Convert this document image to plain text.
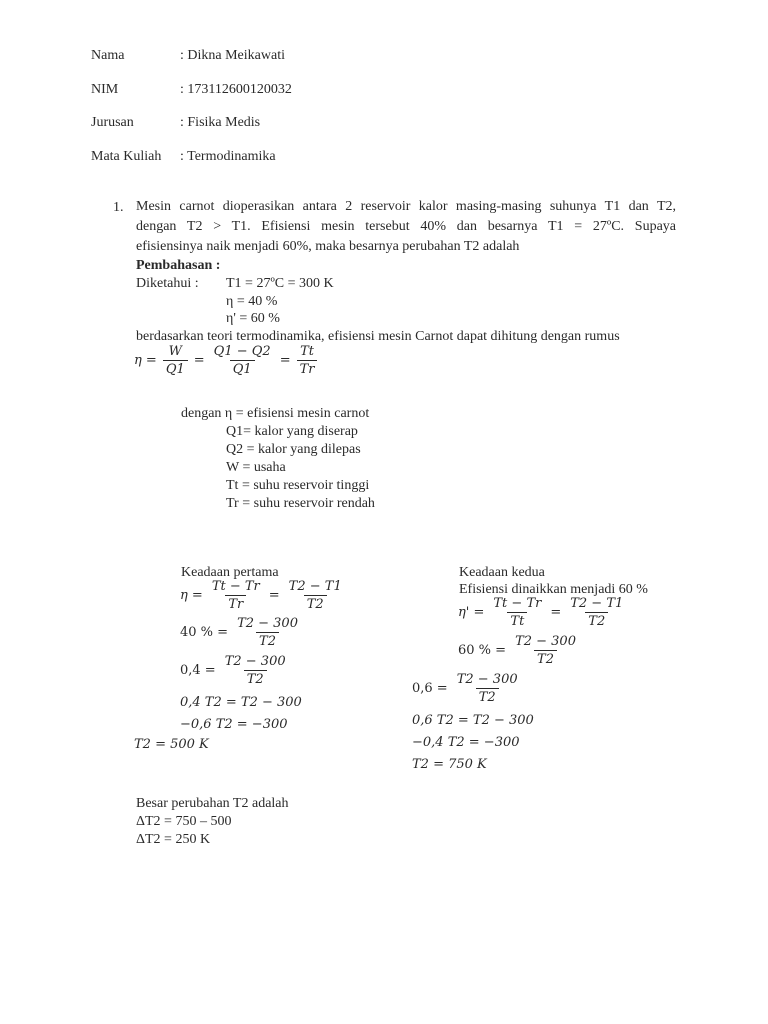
Nama	: Dikna Meikawati
NIM	: 173112600120032
Jurusan	: Fisika Medis
Mata Kuliah : Termodinamika
1. Mesin carnot dioperasikan antara 2 reservoir kalor masing-masing suhunya T1 dan T2,
dengan T2 > T1. Efisiensi mesin tersebut 40% dan besarnya T1 = 27ºC. Supaya
efisiensinya naik menjadi 60%, maka besarnya perubahan T2 adalah
Pembahasan :
Diketahui : T1 = 27ºC = 300 K
η = 40 %
η' = 60 %
berdasarkan teori termodinamika, efisiensi mesin Carnot dapat dihitung dengan rumus
$\eta = \frac{W}{Q1} = \frac{Q1 - Q2}{Q1} = \frac{Tt}{Tr}$
dengan η = efisiensi mesin carnot
Q1= kalor yang diserap
Q2 = kalor yang dilepas
W = usaha
Tt = suhu reservoir tinggi
Tr = suhu reservoir rendah
Keadaan pertama
$\eta = \frac{Tt - Tr}{Tr} = \frac{T2 - T1}{T2}$
40 % = $\frac{T2 - 300}{T2}$
$0,4 = \frac{T2 - 300}{T2}$
0,4 T2 = T2 − 300
−0,6 T2 = −300
T2 = 500 K
Keadaan kedua
Efisiensi dinaikkan menjadi 60 %
$\eta' = \frac{Tt - Tr}{Tt} = \frac{T2 - T1}{T2}$
60 % = $\frac{T2 - 300}{T2}$
$0,6 = \frac{T2 - 300}{T2}$
0,6 T2 = T2 − 300
−0,4 T2 = −300
T2 = 750 K
Besar perubahan T2 adalah
ΔT2 = 750 – 500
ΔT2 = 250 K
